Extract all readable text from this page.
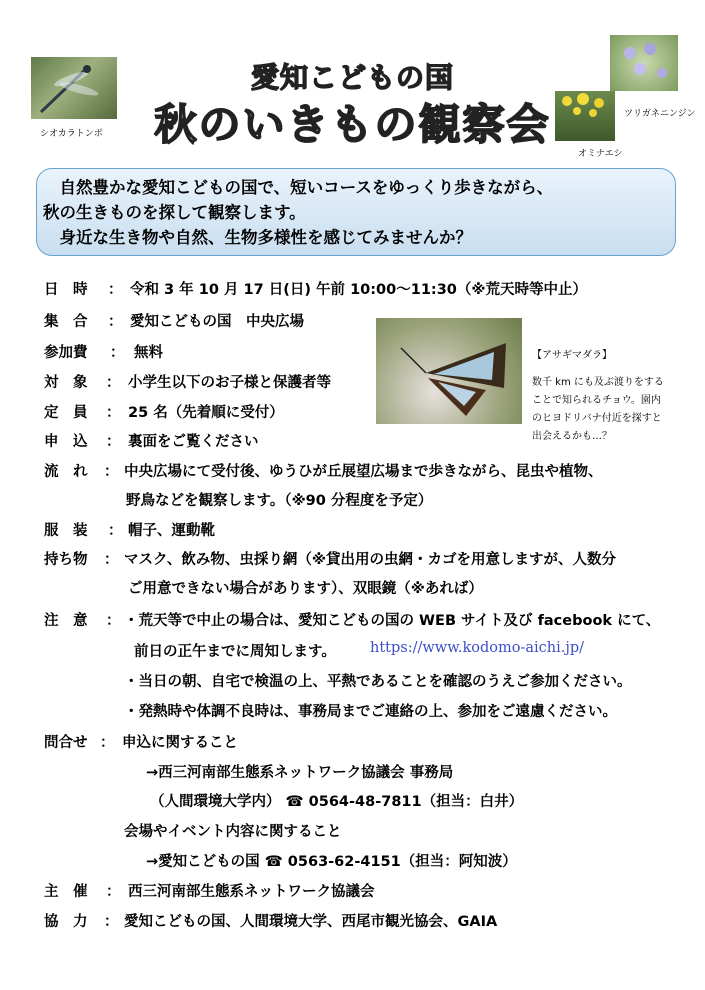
シオカラトンボ
ツリガネニンジン
オミナエシ
愛知こどもの国
秋のいきもの観察会
　自然豊かな愛知こどもの国で、短いコースをゆっくり歩きながら、
秋の生きものを探して観察します。
　身近な生き物や自然、生物多様性を感じてみませんか？
【アサギマダラ】
数千 km にも及ぶ渡りをする
ことで知られるチョウ。園内
のヒヨドリバナ付近を探すと
出会えるかも…？
日　時 ： 令和 3 年 10 月 17 日(日) 午前 10:00～11:30（※荒天時等中止）
集　合 ： 愛知こどもの国　中央広場
参加費 ： 無料
対　象 ： 小学生以下のお子様と保護者等
定　員 ： 25 名（先着順に受付）
申　込 ： 裏面をご覧ください
流　れ ： 中央広場にて受付後、ゆうひが丘展望広場まで歩きながら、昆虫や植物、
野鳥などを観察します。（※90 分程度を予定）
服　装 ： 帽子、運動靴
持ち物 ： マスク、飲み物、虫採り網（※貸出用の虫網・カゴを用意しますが、人数分
ご用意できない場合があります）、双眼鏡（※あれば）
注　意 ： ・荒天等で中止の場合は、愛知こどもの国の WEB サイト及び facebook にて、
前日の正午までに周知します。 https://www.kodomo-aichi.jp/
・当日の朝、自宅で検温の上、平熱であることを確認のうえご参加ください。
・発熱時や体調不良時は、事務局までご連絡の上、参加をご遠慮ください。
問合せ ： 申込に関すること
→西三河南部生態系ネットワーク協議会 事務局
（人間環境大学内） ☎ 0564-48-7811（担当：白井）
会場やイベント内容に関すること
→愛知こどもの国 ☎ 0563-62-4151（担当：阿知波）
主　催 ： 西三河南部生態系ネットワーク協議会
協　力 ： 愛知こどもの国、人間環境大学、西尾市観光協会、GAIA
